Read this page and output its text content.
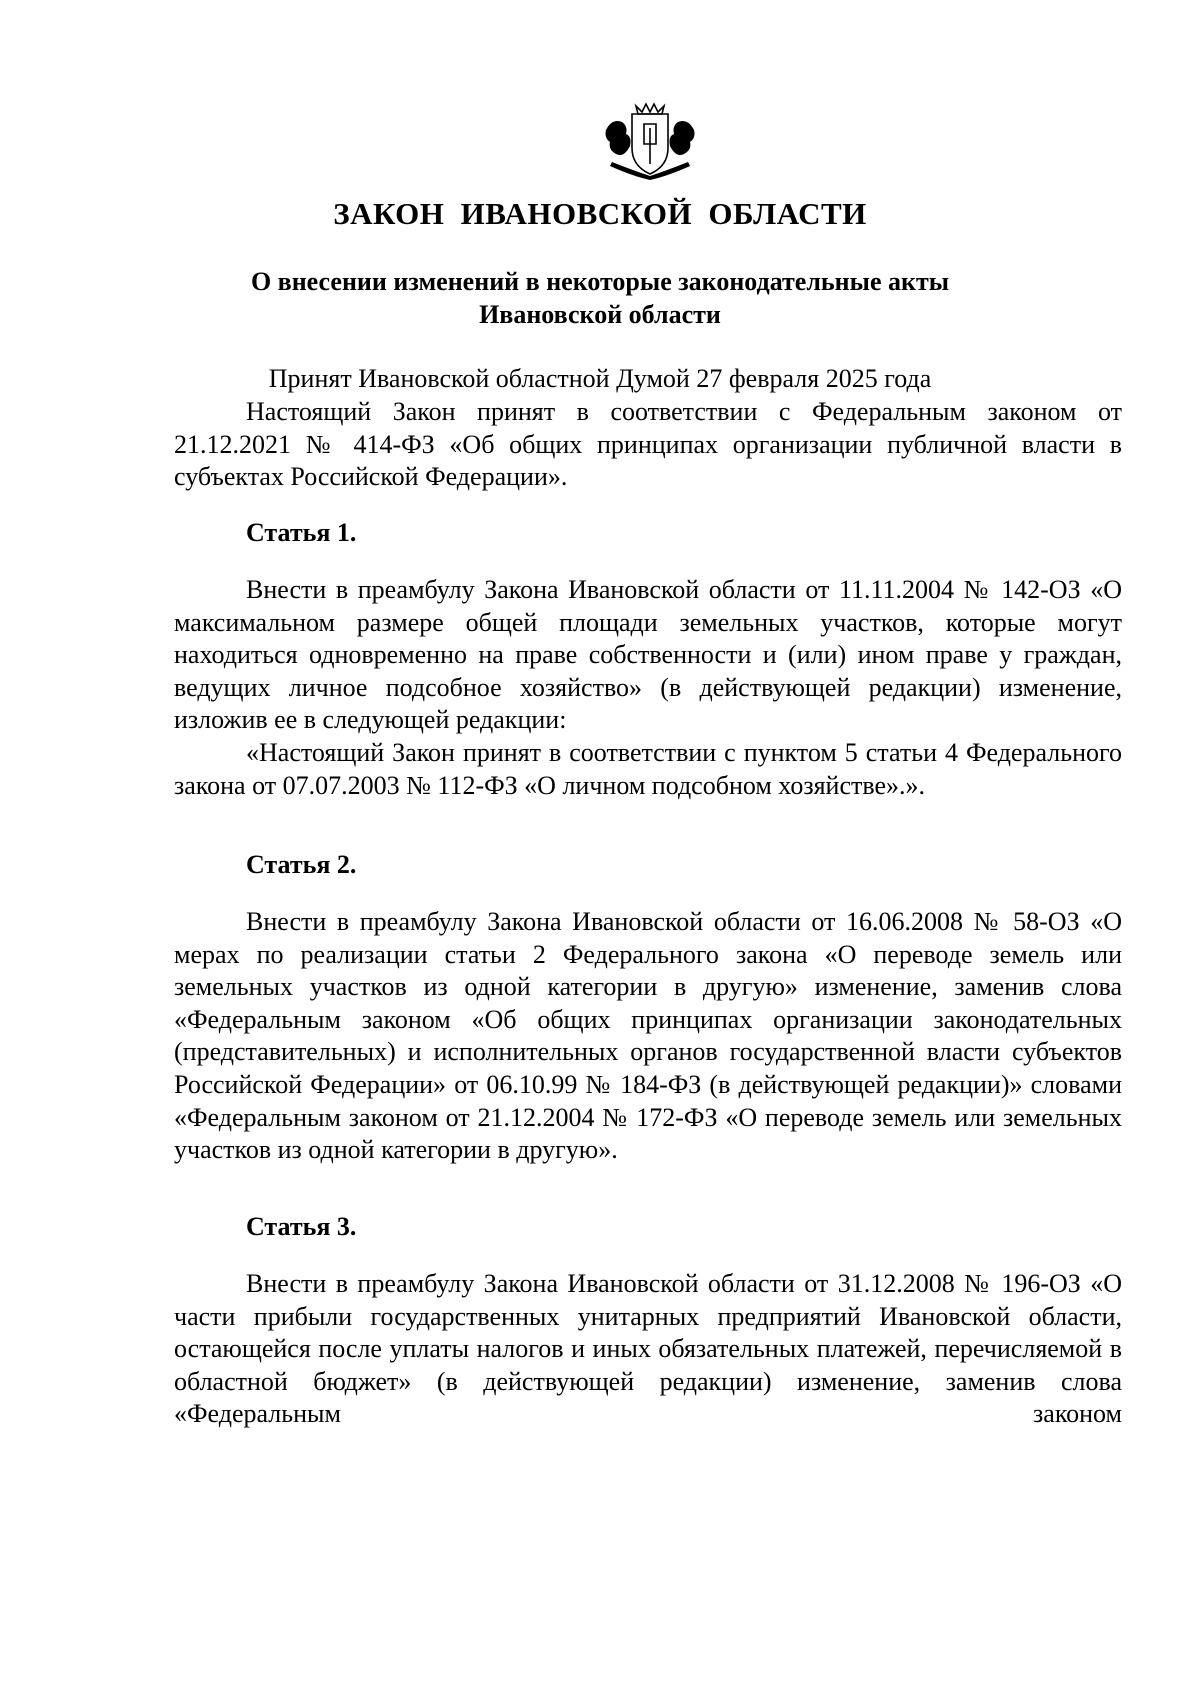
ЗАКОН ИВАНОВСКОЙ ОБЛАСТИ
О внесении изменений в некоторые законодательные акты
Ивановской области
Принят Ивановской областной Думой 27 февраля 2025 года

Настоящий Закон принят в соответствии с Федеральным законом от 21.12.2021 № 414-ФЗ «Об общих принципах организации публичной власти в субъектах Российской Федерации».

Статья 1.

Внести в преамбулу Закона Ивановской области от 11.11.2004 № 142-ОЗ «О максимальном размере общей площади земельных участков, которые могут находиться одновременно на праве собственности и (или) ином праве у граждан, ведущих личное подсобное хозяйство» (в действующей редакции) изменение, изложив ее в следующей редакции:

«Настоящий Закон принят в соответствии с пунктом 5 статьи 4 Федерального закона от 07.07.2003 № 112-ФЗ «О личном подсобном хозяйстве».».

Статья 2.

Внести в преамбулу Закона Ивановской области от 16.06.2008 № 58-ОЗ «О мерах по реализации статьи 2 Федерального закона «О переводе земель или земельных участков из одной категории в другую» изменение, заменив слова «Федеральным законом «Об общих принципах организации законодательных (представительных) и исполнительных органов государственной власти субъектов Российской Федерации» от 06.10.99 № 184-ФЗ (в действующей редакции)» словами «Федеральным законом от 21.12.2004 № 172-ФЗ «О переводе земель или земельных участков из одной категории в другую».

Статья 3.

Внести в преамбулу Закона Ивановской области от 31.12.2008 № 196-ОЗ «О части прибыли государственных унитарных предприятий Ивановской области, остающейся после уплаты налогов и иных обязательных платежей, перечисляемой в областной бюджет» (в действующей редакции) изменение, заменив слова «Федеральным законом
